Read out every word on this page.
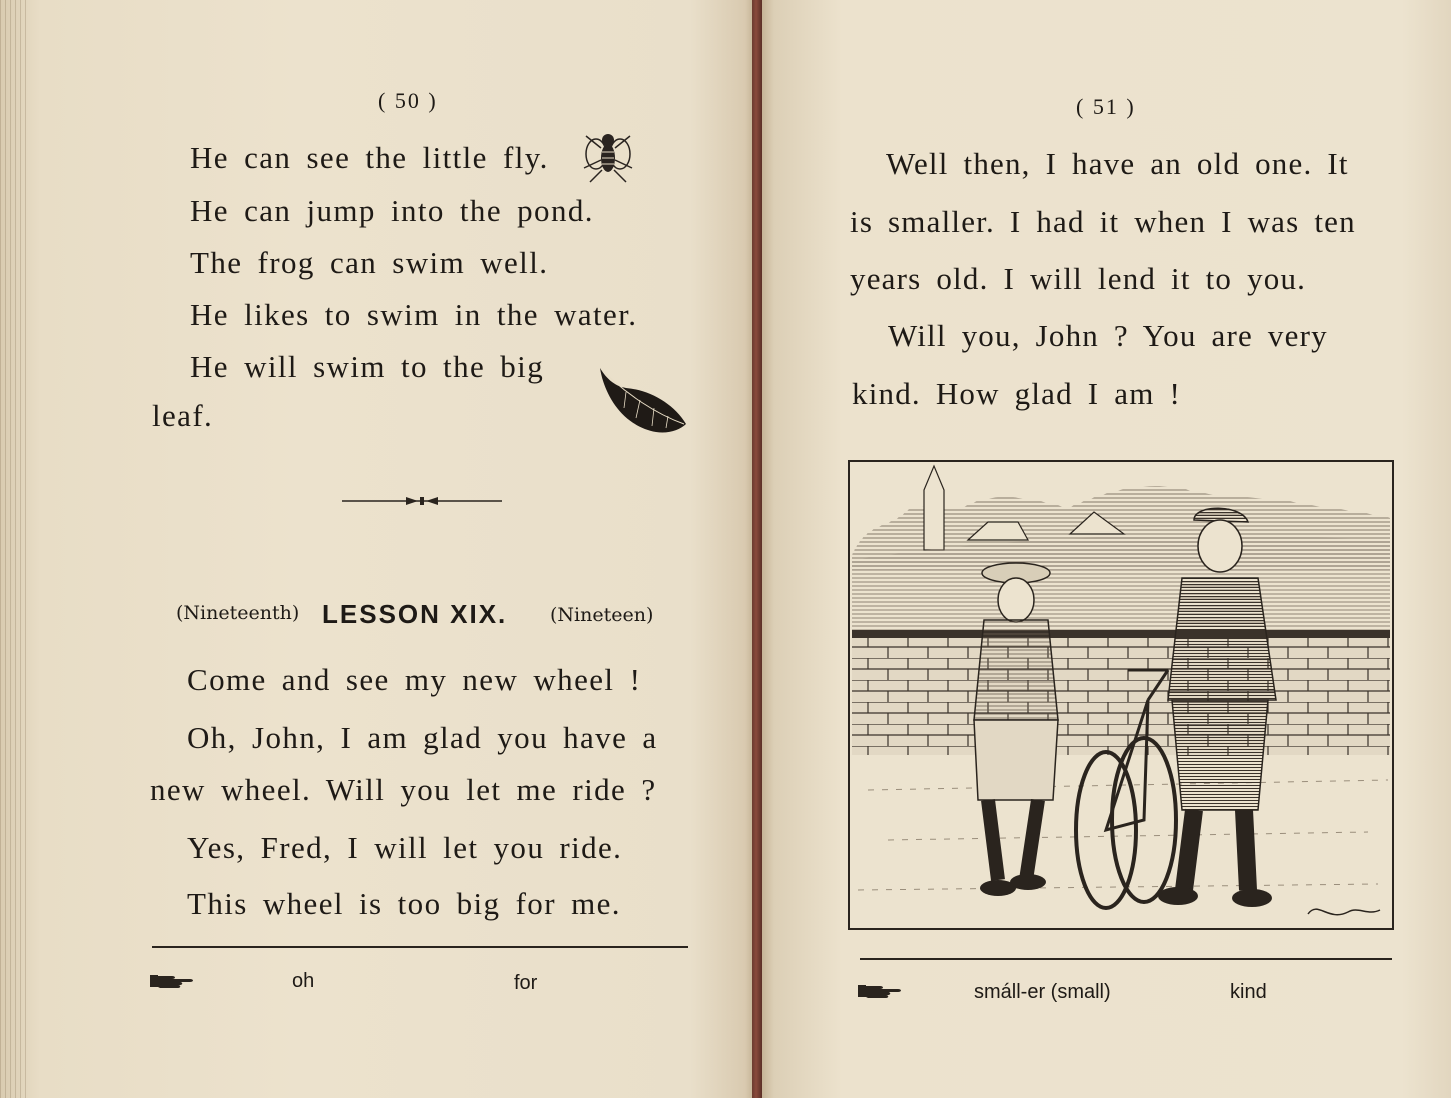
( 50 )
He can see the little fly.
He can jump into the pond.
The frog can swim well.
He likes to swim in the water.
He will swim to the big
leaf.
(Nineteenth) LESSON XIX. (Nineteen)
Come and see my new wheel !
Oh, John, I am glad you have a
new wheel. Will you let me ride ?
Yes, Fred, I will let you ride.
This wheel is too big for me.
oh	for
( 51 )
Well then, I have an old one. It
is smaller. I had it when I was ten
years old. I will lend it to you.
Will you, John ? You are very
kind. How glad I am !
smáll-er (small)	kind
